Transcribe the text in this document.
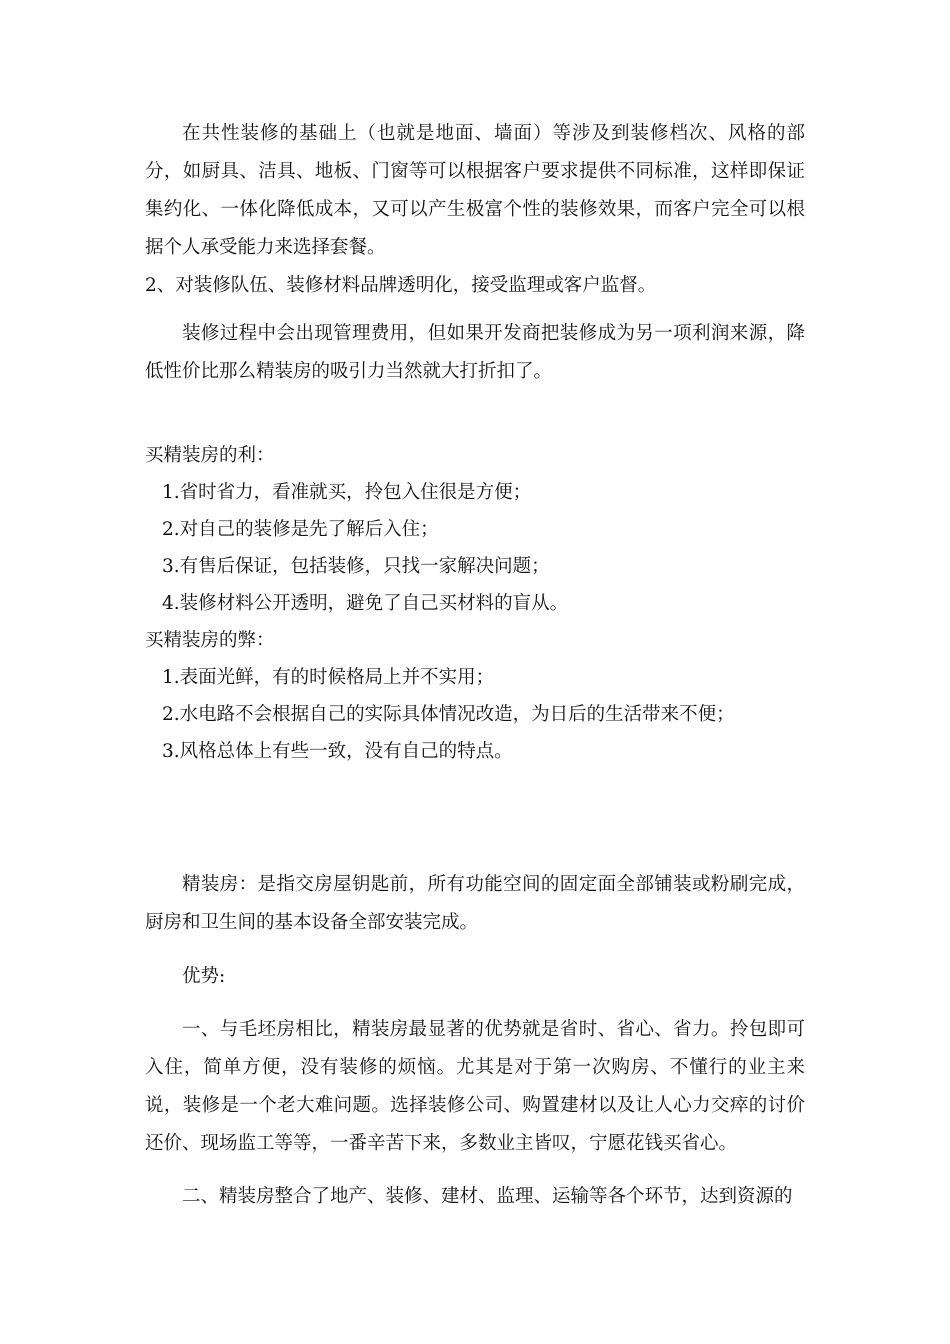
在共性装修的基础上（也就是地面、墙面）等涉及到装修档次、风格的部分，如厨具、洁具、地板、门窗等可以根据客户要求提供不同标准，这样即保证集约化、一体化降低成本，又可以产生极富个性的装修效果，而客户完全可以根据个人承受能力来选择套餐。

2、对装修队伍、装修材料品牌透明化，接受监理或客户监督。

装修过程中会出现管理费用，但如果开发商把装修成为另一项利润来源，降低性价比那么精装房的吸引力当然就大打折扣了。

买精装房的利：

1.省时省力，看准就买，拎包入住很是方便；

2.对自己的装修是先了解后入住；

3.有售后保证，包括装修，只找一家解决问题；

4.装修材料公开透明，避免了自己买材料的盲从。

买精装房的弊：

1.表面光鲜，有的时候格局上并不实用；

2.水电路不会根据自己的实际具体情况改造，为日后的生活带来不便；

3.风格总体上有些一致，没有自己的特点。

精装房：是指交房屋钥匙前，所有功能空间的固定面全部铺装或粉刷完成，厨房和卫生间的基本设备全部安装完成。

优势:

一、与毛坯房相比，精装房最显著的优势就是省时、省心、省力。拎包即可入住，简单方便，没有装修的烦恼。尤其是对于第一次购房、不懂行的业主来说，装修是一个老大难问题。选择装修公司、购置建材以及让人心力交瘁的讨价还价、现场监工等等，一番辛苦下来，多数业主皆叹，宁愿花钱买省心。

二、精装房整合了地产、装修、建材、监理、运输等各个环节，达到资源的
